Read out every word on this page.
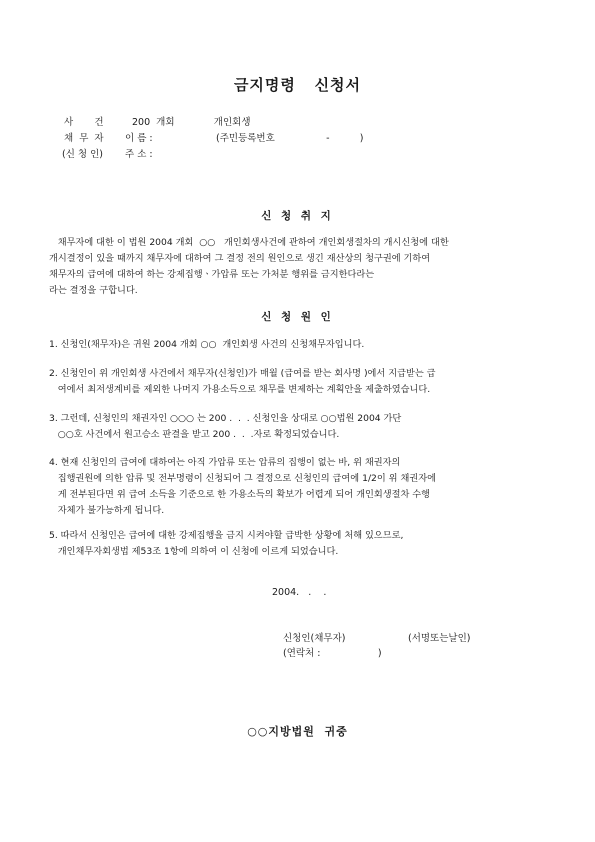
금지명령   신청서
사       건	200  개회             개인회생
채  무  자 이 름 :	(주민등록번호                 -          )
(신 청 인) 주 소 :
신 청 취 지
채무자에 대한 이 법원 2004 개회  ○○   개인회생사건에 관하여 개인회생절차의 개시신청에 대한
개시결정이 있을 때까지 채무자에 대하여 그 결정 전의 원인으로 생긴 재산상의 청구권에 기하여
채무자의 급여에 대하여 하는 강제집행ㆍ가압류 또는 가처분 행위를 금지한다라는
라는 결정을 구합니다.
신 청 원 인
1. 신청인(채무자)은 귀원 2004 개회 ○○  개인회생 사건의 신청채무자입니다.
2. 신청인이 위 개인회생 사건에서 채무자(신청인)가 매월 (급여를 받는 회사명 )에서 지급받는 급
여에서 최저생계비를 제외한 나머지 가용소득으로 채무를 변제하는 계획안을 제출하였습니다.
3. 그런데, 신청인의 채권자인 ○○○ 는 200 .  .  . 신청인을 상대로 ○○법원 2004 가단
○○호 사건에서 원고승소 판결을 받고 200 .  .  .자로 확정되었습니다.
4. 현재 신청인의 급여에 대하여는 아직 가압류 또는 압류의 집행이 없는 바, 위 채권자의
집행권원에 의한 압류 및 전부명령이 신청되어 그 결정으로 신청인의 급여에 1/2이 위 채권자에
게 전부된다면 위 급여 소득을 기준으로 한 가용소득의 확보가 어렵게 되어 개인회생절차 수행
자체가 불가능하게 됩니다.
5. 따라서 신청인은 급여에 대한 강제집행을 금지 시켜야할 급박한 상황에 처해 있으므로,
개인채무자회생법 제53조 1항에 의하여 이 신청에 이르게 되었습니다.
2004.   .    .
신청인(채무자)	(서명또는날인)
(연락처 :                   )
○○지방법원  귀중
